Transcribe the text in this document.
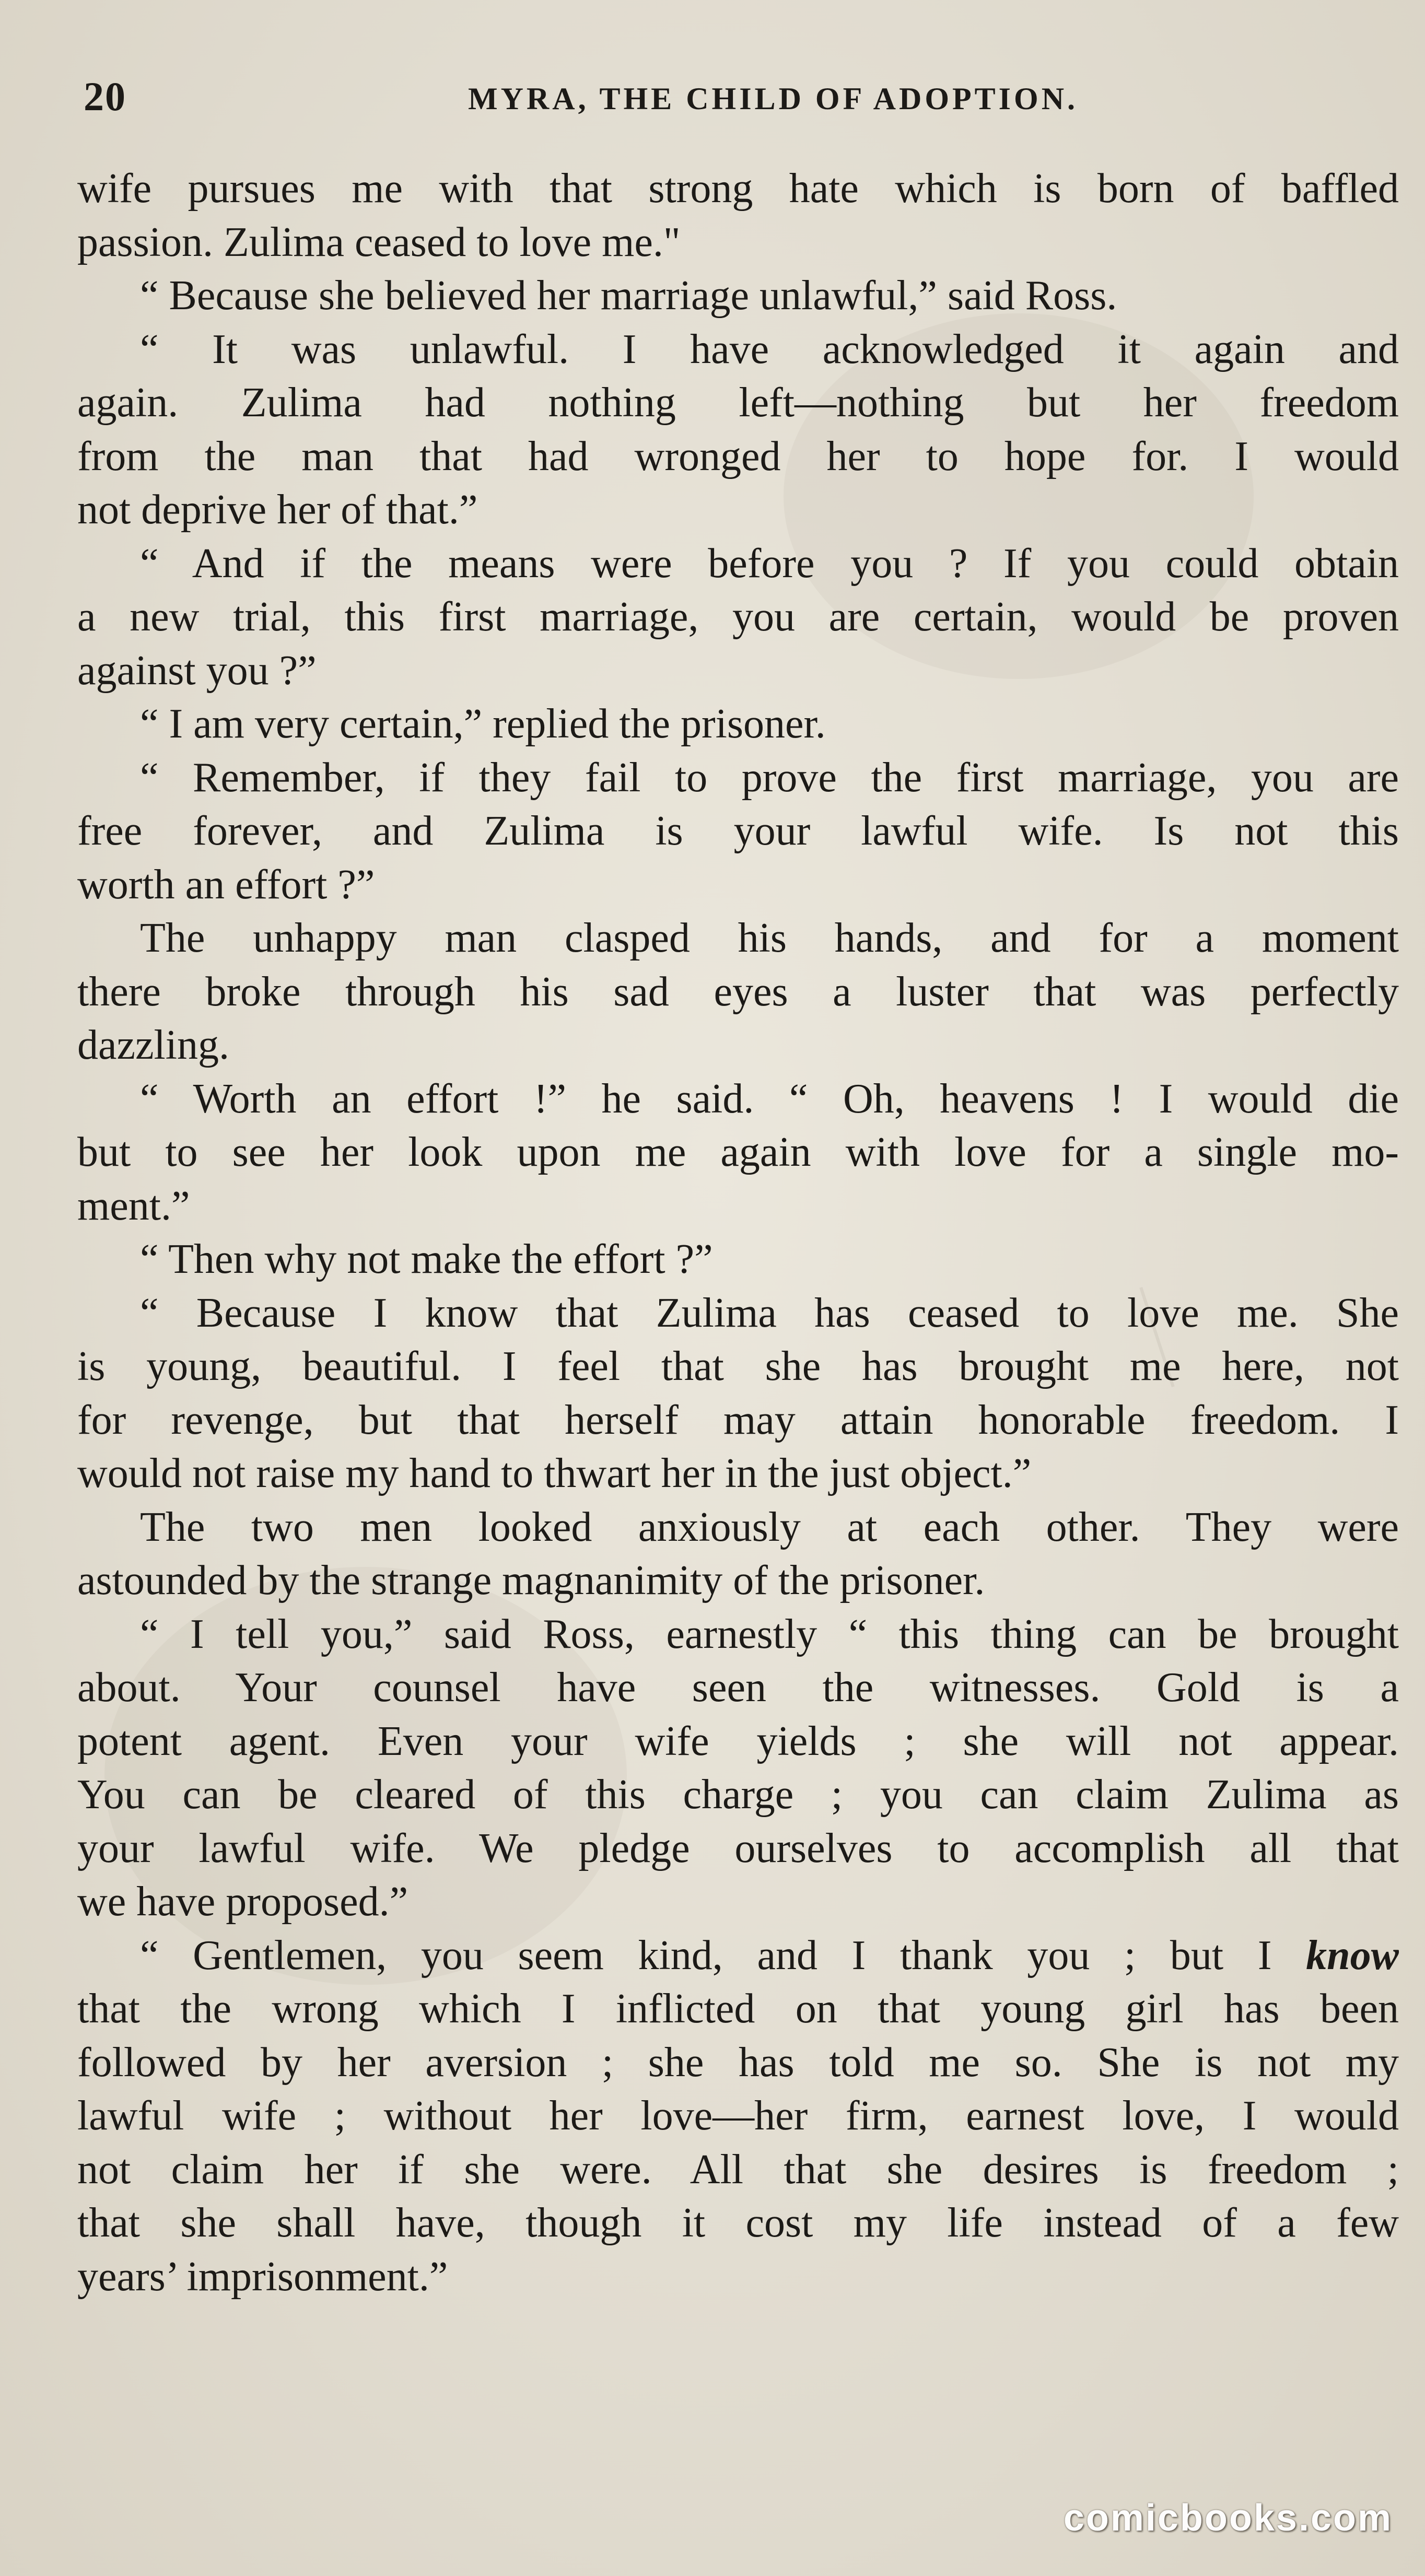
20	MYRA, THE CHILD OF ADOPTION.
wife pursues me with that strong hate which is born of baffled
passion. Zulima ceased to love me."
“ Because she believed her marriage unlawful,” said Ross.
“ It was unlawful. I have acknowledged it again and
again. Zulima had nothing left—nothing but her freedom
from the man that had wronged her to hope for. I would
not deprive her of that.”
“ And if the means were before you ? If you could obtain
a new trial, this first marriage, you are certain, would be proven
against you ?”
“ I am very certain,” replied the prisoner.
“ Remember, if they fail to prove the first marriage, you are
free forever, and Zulima is your lawful wife. Is not this
worth an effort ?”
The unhappy man clasped his hands, and for a moment
there broke through his sad eyes a luster that was perfectly
dazzling.
“ Worth an effort !” he said. “ Oh, heavens ! I would die
but to see her look upon me again with love for a single mo-
ment.”
“ Then why not make the effort ?”
“ Because I know that Zulima has ceased to love me. She
is young, beautiful. I feel that she has brought me here, not
for revenge, but that herself may attain honorable freedom. I
would not raise my hand to thwart her in the just object.”
The two men looked anxiously at each other. They were
astounded by the strange magnanimity of the prisoner.
“ I tell you,” said Ross, earnestly “ this thing can be brought
about. Your counsel have seen the witnesses. Gold is a
potent agent. Even your wife yields ; she will not appear.
You can be cleared of this charge ; you can claim Zulima as
your lawful wife. We pledge ourselves to accomplish all that
we have proposed.”
“ Gentlemen, you seem kind, and I thank you ; but I know
that the wrong which I inflicted on that young girl has been
followed by her aversion ; she has told me so. She is not my
lawful wife ; without her love—her firm, earnest love, I would
not claim her if she were. All that she desires is freedom ;
that she shall have, though it cost my life instead of a few
years’ imprisonment.”
comicbooks.com
